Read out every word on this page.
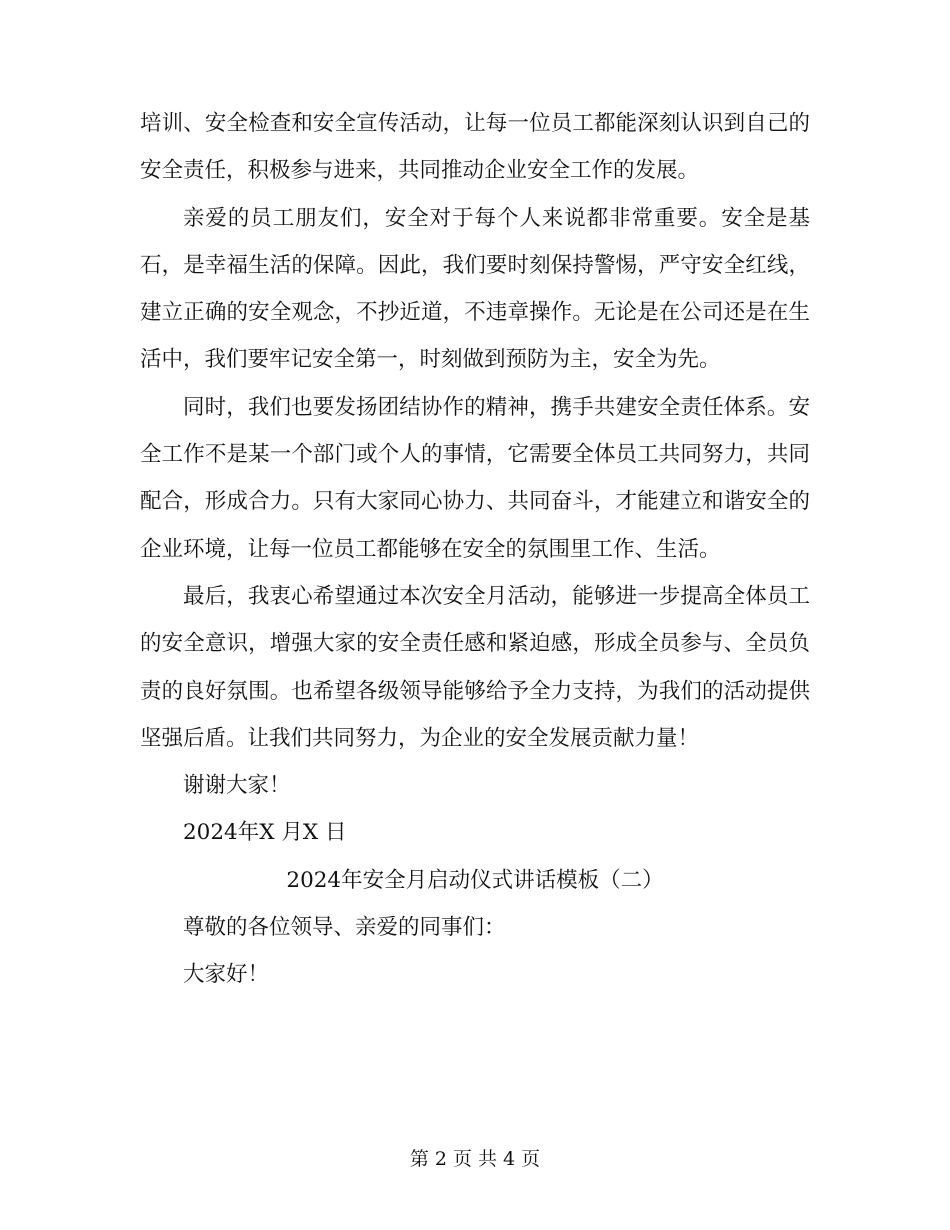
培训、安全检查和安全宣传活动，让每一位员工都能深刻认识到自己的安全责任，积极参与进来，共同推动企业安全工作的发展。

亲爱的员工朋友们，安全对于每个人来说都非常重要。安全是基石，是幸福生活的保障。因此，我们要时刻保持警惕，严守安全红线，建立正确的安全观念，不抄近道，不违章操作。无论是在公司还是在生活中，我们要牢记安全第一，时刻做到预防为主，安全为先。

同时，我们也要发扬团结协作的精神，携手共建安全责任体系。安全工作不是某一个部门或个人的事情，它需要全体员工共同努力，共同配合，形成合力。只有大家同心协力、共同奋斗，才能建立和谐安全的企业环境，让每一位员工都能够在安全的氛围里工作、生活。

最后，我衷心希望通过本次安全月活动，能够进一步提高全体员工的安全意识，增强大家的安全责任感和紧迫感，形成全员参与、全员负责的良好氛围。也希望各级领导能够给予全力支持，为我们的活动提供坚强后盾。让我们共同努力，为企业的安全发展贡献力量！

谢谢大家！

2024年X 月X 日

2024年安全月启动仪式讲话模板（二）

尊敬的各位领导、亲爱的同事们：

大家好！

第 2 页 共 4 页
